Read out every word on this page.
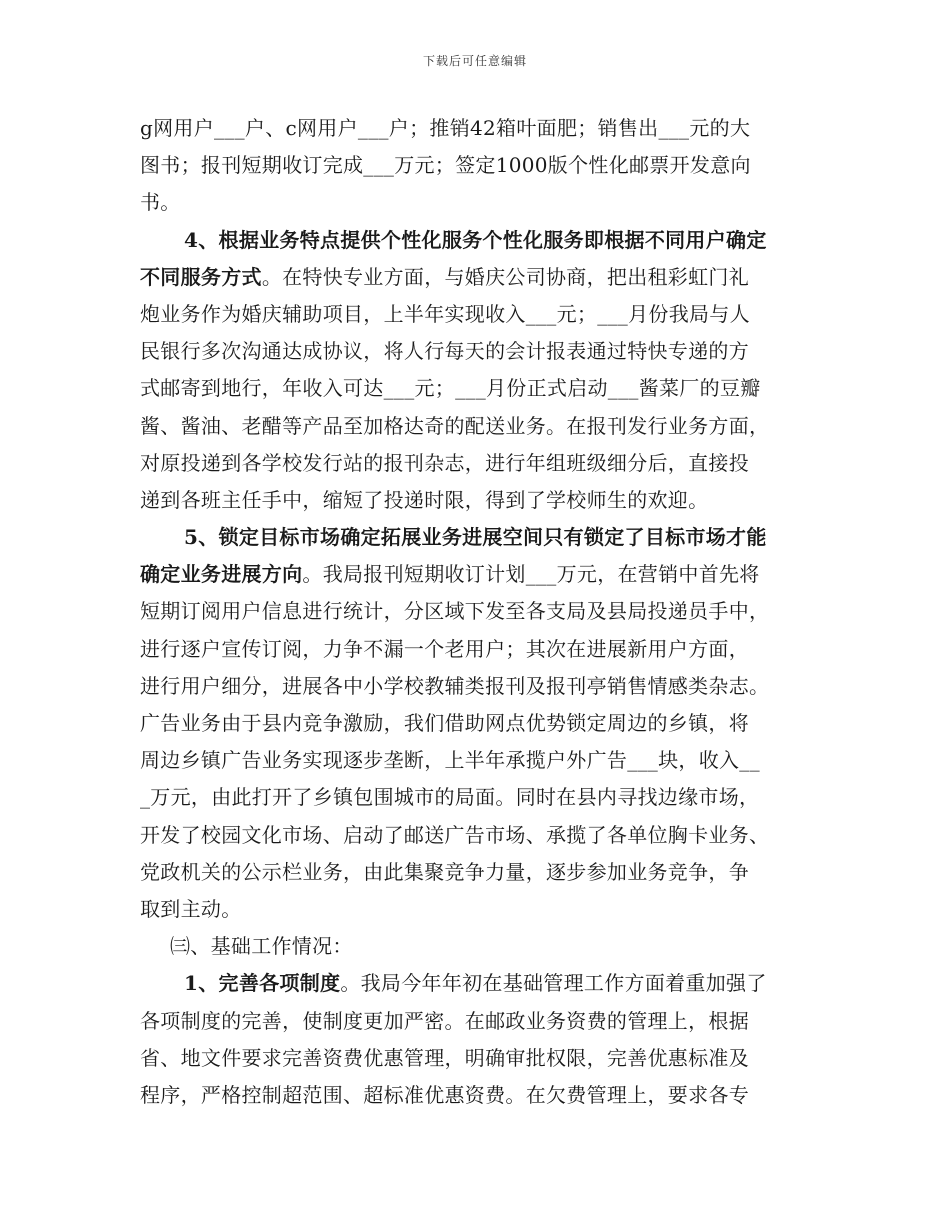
下载后可任意编辑
g网用户___户、c网用户___户；推销42箱叶面肥；销售出___元的大
图书；报刊短期收订完成___万元；签定1000版个性化邮票开发意向
书。
4、根据业务特点提供个性化服务个性化服务即根据不同用户确定
不同服务方式。在特快专业方面，与婚庆公司协商，把出租彩虹门礼
炮业务作为婚庆辅助项目，上半年实现收入___元；___月份我局与人
民银行多次沟通达成协议，将人行每天的会计报表通过特快专递的方
式邮寄到地行，年收入可达___元；___月份正式启动___酱菜厂的豆瓣
酱、酱油、老醋等产品至加格达奇的配送业务。在报刊发行业务方面，
对原投递到各学校发行站的报刊杂志，进行年组班级细分后，直接投
递到各班主任手中，缩短了投递时限，得到了学校师生的欢迎。
5、锁定目标市场确定拓展业务进展空间只有锁定了目标市场才能
确定业务进展方向。我局报刊短期收订计划___万元，在营销中首先将
短期订阅用户信息进行统计，分区域下发至各支局及县局投递员手中，
进行逐户宣传订阅，力争不漏一个老用户；其次在进展新用户方面，
进行用户细分，进展各中小学校教辅类报刊及报刊亭销售情感类杂志。
广告业务由于县内竞争激励，我们借助网点优势锁定周边的乡镇，将
周边乡镇广告业务实现逐步垄断，上半年承揽户外广告___块，收入__
_万元，由此打开了乡镇包围城市的局面。同时在县内寻找边缘市场，
开发了校园文化市场、启动了邮送广告市场、承揽了各单位胸卡业务、
党政机关的公示栏业务，由此集聚竞争力量，逐步参加业务竞争，争
取到主动。
㈢、基础工作情况：
1、完善各项制度。我局今年年初在基础管理工作方面着重加强了
各项制度的完善，使制度更加严密。在邮政业务资费的管理上，根据
省、地文件要求完善资费优惠管理，明确审批权限，完善优惠标准及
程序，严格控制超范围、超标准优惠资费。在欠费管理上，要求各专
